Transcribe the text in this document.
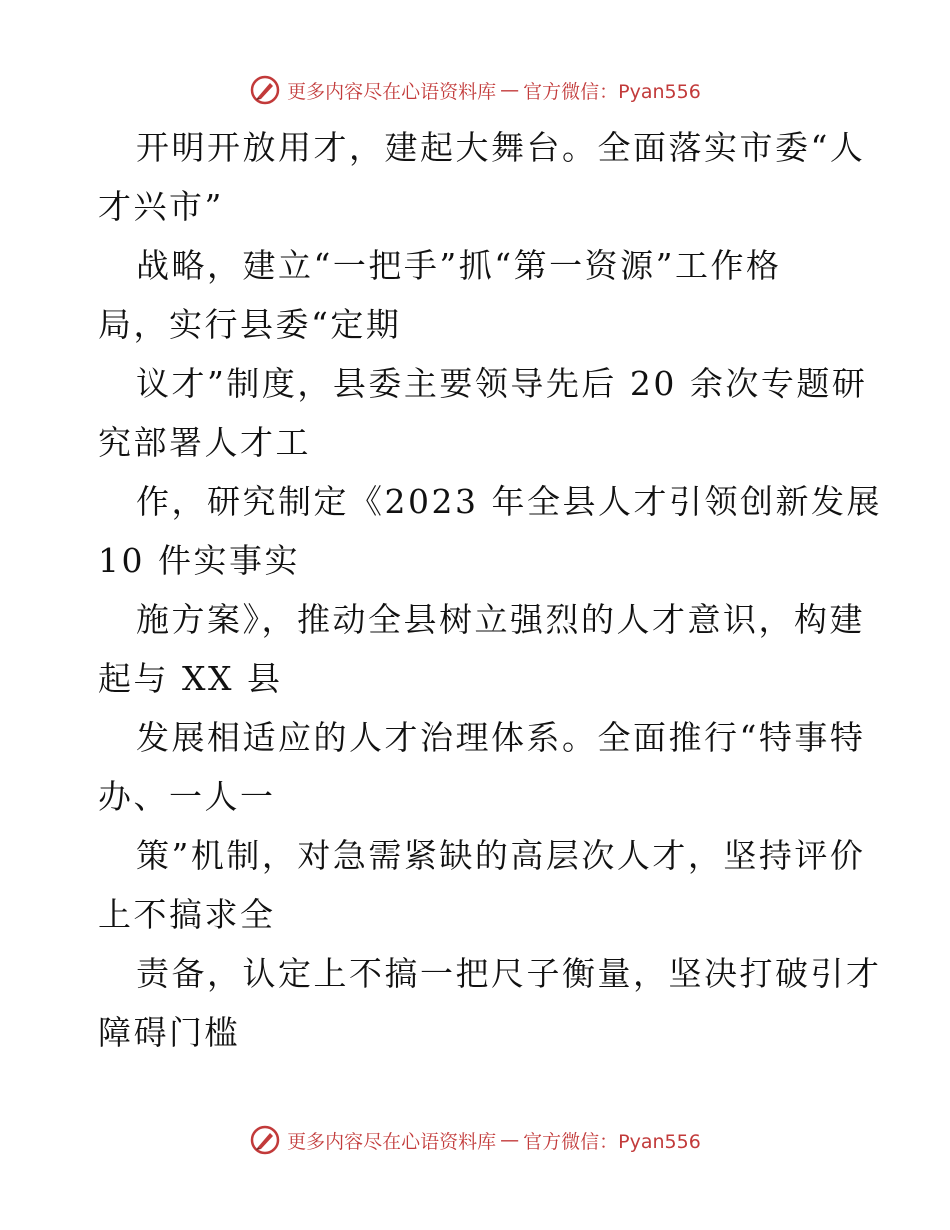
更多内容尽在心语资料库 — 官方微信：Pyan556
开明开放用才，建起大舞台。全面落实市委“人
才兴市”
战略，建立“一把手”抓“第一资源”工作格
局，实行县委“定期
议才”制度，县委主要领导先后 20 余次专题研
究部署人才工
作，研究制定《2023 年全县人才引领创新发展
10 件实事实
施方案》，推动全县树立强烈的人才意识，构建
起与 XX 县
发展相适应的人才治理体系。全面推行“特事特
办、一人一
策”机制，对急需紧缺的高层次人才，坚持评价
上不搞求全
责备，认定上不搞一把尺子衡量，坚决打破引才
障碍门槛
更多内容尽在心语资料库 — 官方微信：Pyan556
